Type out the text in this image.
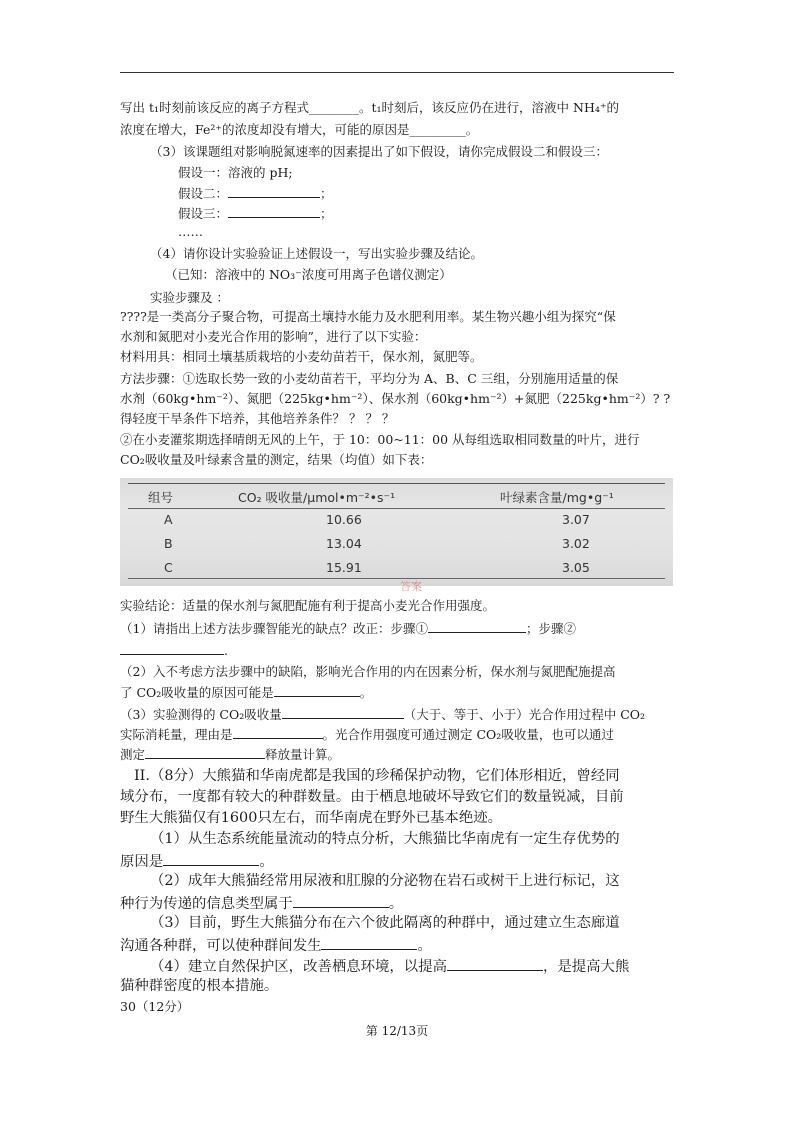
写出 t₁时刻前该反应的离子方程式________。t₁时刻后，该反应仍在进行，溶液中 NH₄⁺的
浓度在增大，Fe²⁺的浓度却没有增大，可能的原因是_________。
（3）该课题组对影响脱氮速率的因素提出了如下假设，请你完成假设二和假设三：
假设一：溶液的 pH;
假设二：	；
假设三：	；
……
（4）请你设计实验验证上述假设一，写出实验步骤及结论。
（已知：溶液中的 NO₃⁻浓度可用离子色谱仪测定）
实验步骤及 ：
????是一类高分子聚合物，可提高土壤持水能力及水肥利用率。某生物兴趣小组为探究“保
水剂和氮肥对小麦光合作用的影响”，进行了以下实验：
材料用具：相同土壤基质栽培的小麦幼苗若干，保水剂，氮肥等。
方法步骤：①选取长势一致的小麦幼苗若干，平均分为 A、B、C 三组，分别施用适量的保
水剂（60kg•hm⁻²）、氮肥（225kg•hm⁻²）、保水剂（60kg•hm⁻²）+氮肥（225kg•hm⁻²）? ?
得轻度干旱条件下培养，其他培养条件？ ？ ？ ？
②在小麦灌浆期选择晴朗无风的上午，于 10：00~11：00 从每组选取相同数量的叶片，进行
CO₂吸收量及叶绿素含量的测定，结果（均值）如下表：
组号	CO₂ 吸收量/μmol•m⁻²•s⁻¹	叶绿素含量/mg•g⁻¹
A	10.66	3.07
B	13.04	3.02
C	15.91	3.05
答案
实验结论：适量的保水剂与氮肥配施有利于提高小麦光合作用强度。
（1）请指出上述方法步骤智能光的缺点？改正：步骤①	；步骤②
.
（2）入不考虑方法步骤中的缺陷，影响光合作用的内在因素分析，保水剂与氮肥配施提高
了 CO₂吸收量的原因可能是	。
（3）实验测得的 CO₂吸收量	（大于、等于、小于）光合作用过程中 CO₂
实际消耗量，理由是	。光合作用强度可通过测定 CO₂吸收量，也可以通过
测定	释放量计算。
II.（8分）大熊猫和华南虎都是我国的珍稀保护动物，它们体形相近，曾经同
域分布，一度都有较大的种群数量。由于栖息地破坏导致它们的数量锐减，目前
野生大熊猫仅有1600只左右，而华南虎在野外已基本绝迹。
（1）从生态系统能量流动的特点分析，大熊猫比华南虎有一定生存优势的
原因是	。
（2）成年大熊猫经常用尿液和肛腺的分泌物在岩石或树干上进行标记，这
种行为传递的信息类型属于	。
（3）目前，野生大熊猫分布在六个彼此隔离的种群中，通过建立生态廊道
沟通各种群，可以使种群间发生	。
（4）建立自然保护区，改善栖息环境，以提高	，是提高大熊
猫种群密度的根本措施。
30（12分）
第 12/13页
